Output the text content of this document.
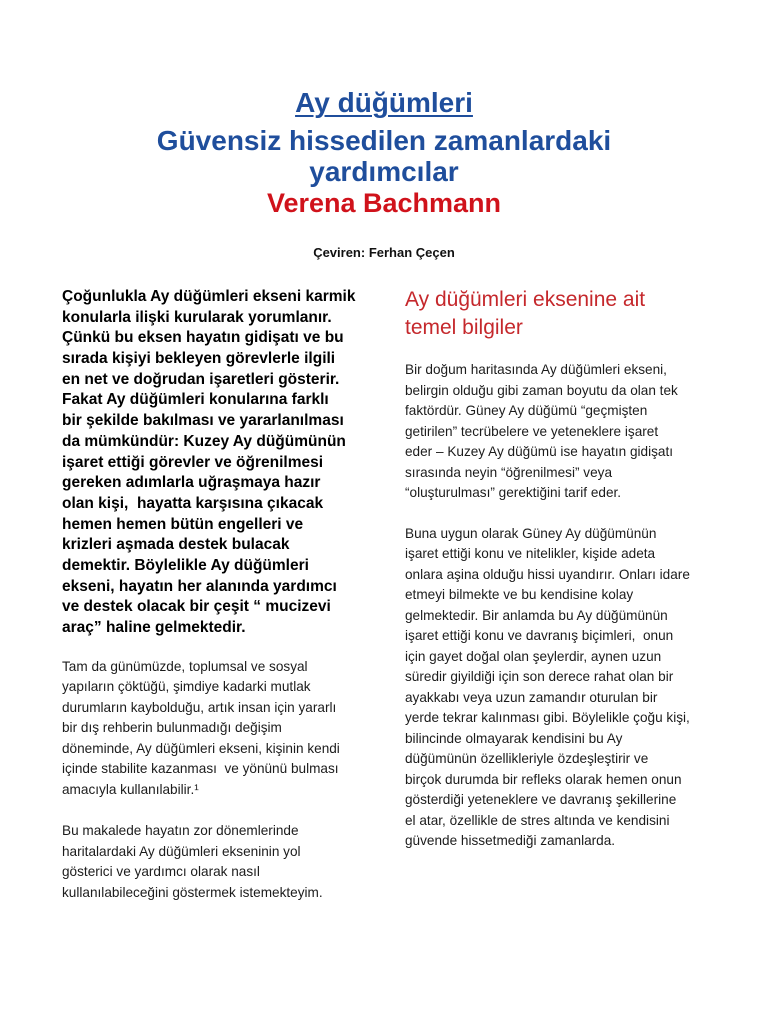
Ay düğümleri
Güvensiz hissedilen zamanlardaki
yardımcılar
Verena Bachmann
Çeviren: Ferhan Çeçen
Çoğunlukla Ay düğümleri ekseni karmik
konularla ilişki kurularak yorumlanır.
Çünkü bu eksen hayatın gidişatı ve bu
sırada kişiyi bekleyen görevlerle ilgili
en net ve doğrudan işaretleri gösterir.
Fakat Ay düğümleri konularına farklı
bir şekilde bakılması ve yararlanılması
da mümkündür: Kuzey Ay düğümünün
işaret ettiği görevler ve öğrenilmesi
gereken adımlarla uğraşmaya hazır
olan kişi,  hayatta karşısına çıkacak
hemen hemen bütün engelleri ve
krizleri aşmada destek bulacak
demektir. Böylelikle Ay düğümleri
ekseni, hayatın her alanında yardımcı
ve destek olacak bir çeşit “ mucizevi
araç” haline gelmektedir.
Tam da günümüzde, toplumsal ve sosyal
yapıların çöktüğü, şimdiye kadarki mutlak
durumların kaybolduğu, artık insan için yararlı
bir dış rehberin bulunmadığı değişim
döneminde, Ay düğümleri ekseni, kişinin kendi
içinde stabilite kazanması  ve yönünü bulması
amacıyla kullanılabilir.¹
Bu makalede hayatın zor dönemlerinde
haritalardaki Ay düğümleri ekseninin yol
gösterici ve yardımcı olarak nasıl
kullanılabileceğini göstermek istemekteyim.
Ay düğümleri eksenine ait
temel bilgiler
Bir doğum haritasında Ay düğümleri ekseni,
belirgin olduğu gibi zaman boyutu da olan tek
faktördür. Güney Ay düğümü “geçmişten
getirilen” tecrübelere ve yeteneklere işaret
eder – Kuzey Ay düğümü ise hayatın gidişatı
sırasında neyin “öğrenilmesi” veya
“oluşturulması” gerektiğini tarif eder.
Buna uygun olarak Güney Ay düğümünün
işaret ettiği konu ve nitelikler, kişide adeta
onlara aşina olduğu hissi uyandırır. Onları idare
etmeyi bilmekte ve bu kendisine kolay
gelmektedir. Bir anlamda bu Ay düğümünün
işaret ettiği konu ve davranış biçimleri,  onun
için gayet doğal olan şeylerdir, aynen uzun
süredir giyildiği için son derece rahat olan bir
ayakkabı veya uzun zamandır oturulan bir
yerde tekrar kalınması gibi. Böylelikle çoğu kişi,
bilincinde olmayarak kendisini bu Ay
düğümünün özellikleriyle özdeşleştirir ve
birçok durumda bir refleks olarak hemen onun
gösterdiği yeteneklere ve davranış şekillerine
el atar, özellikle de stres altında ve kendisini
güvende hissetmediği zamanlarda.
